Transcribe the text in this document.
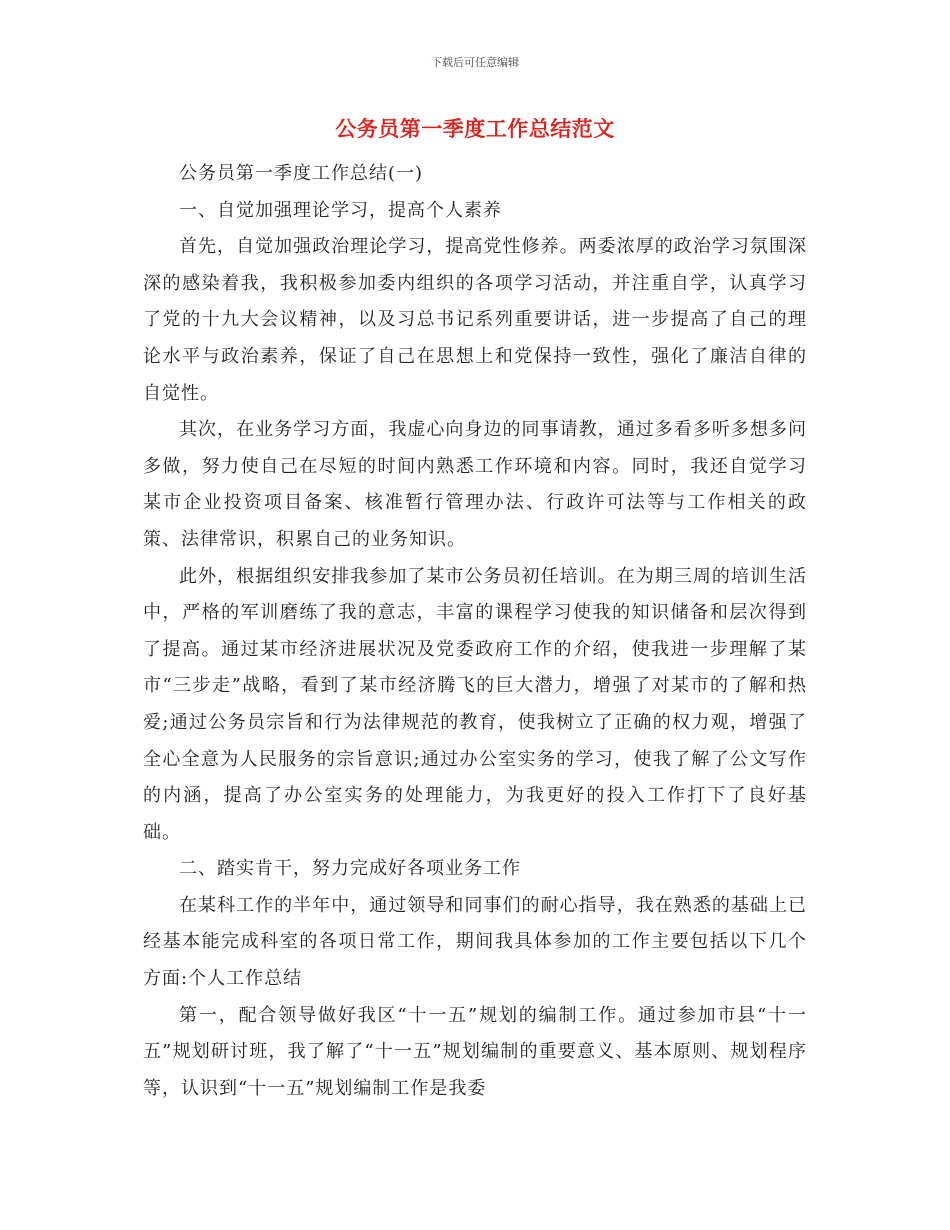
下载后可任意编辑
公务员第一季度工作总结范文

公务员第一季度工作总结(一)

一、自觉加强理论学习，提高个人素养

首先，自觉加强政治理论学习，提高党性修养。两委浓厚的政治学习氛围深深的感染着我，我积极参加委内组织的各项学习活动，并注重自学，认真学习了党的十九大会议精神，以及习总书记系列重要讲话，进一步提高了自己的理论水平与政治素养，保证了自己在思想上和党保持一致性，强化了廉洁自律的自觉性。

其次，在业务学习方面，我虚心向身边的同事请教，通过多看多听多想多问多做，努力使自己在尽短的时间内熟悉工作环境和内容。同时，我还自觉学习某市企业投资项目备案、核准暂行管理办法、行政许可法等与工作相关的政策、法律常识，积累自己的业务知识。

此外，根据组织安排我参加了某市公务员初任培训。在为期三周的培训生活中，严格的军训磨练了我的意志，丰富的课程学习使我的知识储备和层次得到了提高。通过某市经济进展状况及党委政府工作的介绍，使我进一步理解了某市“三步走”战略，看到了某市经济腾飞的巨大潜力，增强了对某市的了解和热爱;通过公务员宗旨和行为法律规范的教育，使我树立了正确的权力观，增强了全心全意为人民服务的宗旨意识;通过办公室实务的学习，使我了解了公文写作的内涵，提高了办公室实务的处理能力，为我更好的投入工作打下了良好基础。

二、踏实肯干，努力完成好各项业务工作

在某科工作的半年中，通过领导和同事们的耐心指导，我在熟悉的基础上已经基本能完成科室的各项日常工作，期间我具体参加的工作主要包括以下几个方面:个人工作总结

第一，配合领导做好我区“十一五”规划的编制工作。通过参加市县“十一五”规划研讨班，我了解了“十一五”规划编制的重要意义、基本原则、规划程序等，认识到“十一五”规划编制工作是我委
